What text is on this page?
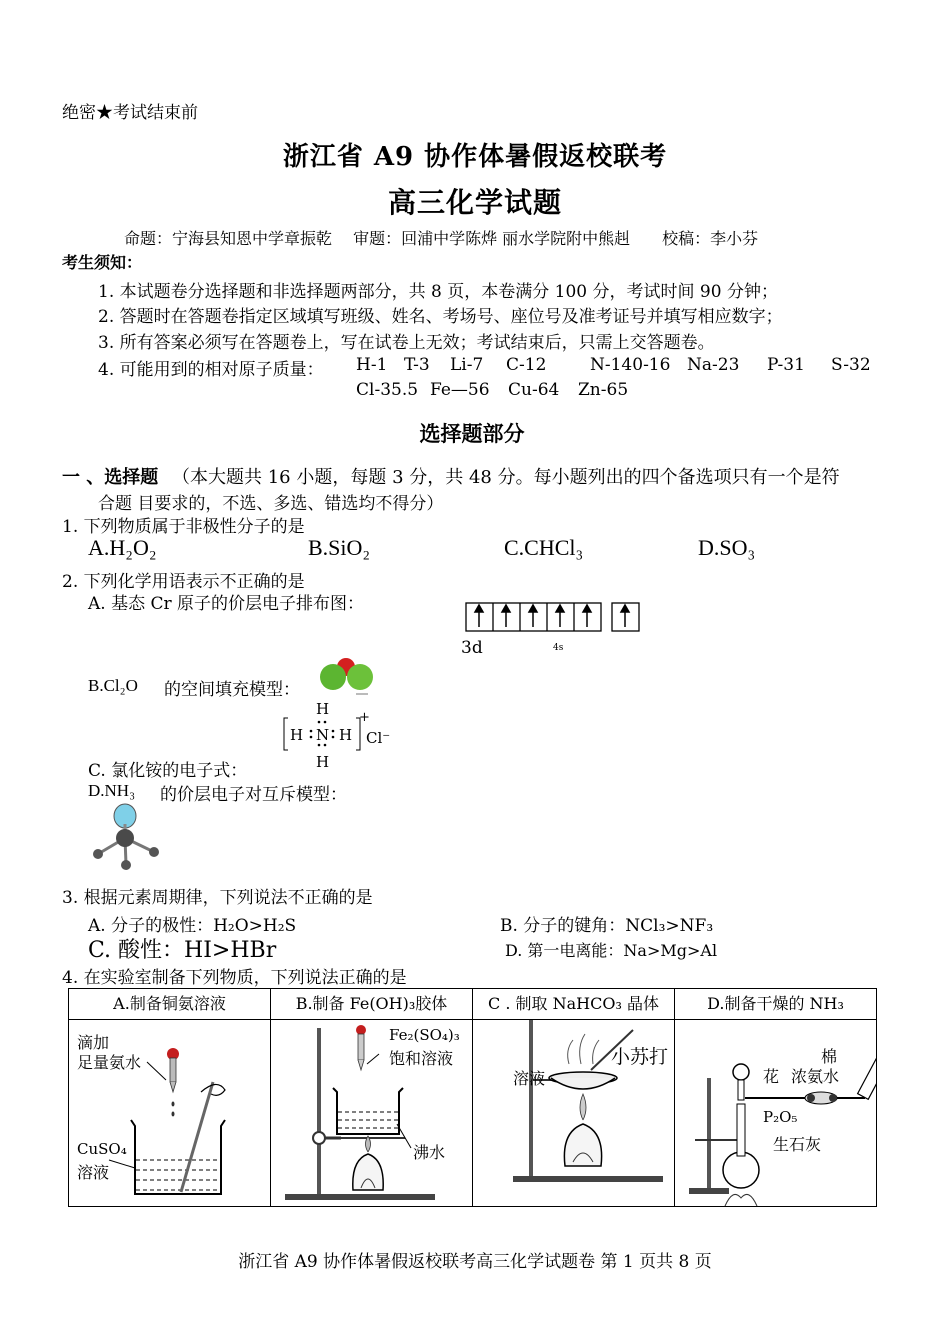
绝密★考试结束前
浙江省 A9 协作体暑假返校联考
高三化学试题
命题：宁海县知恩中学章振乾　 审题：回浦中学陈烨 丽水学院附中熊赳　　校稿：李小芬
考生须知：
1. 本试题卷分选择题和非选择题两部分，共 8 页，本卷满分 100 分，考试时间 90 分钟；
2. 答题时在答题卷指定区域填写班级、姓名、考场号、座位号及准考证号并填写相应数字；
3. 所有答案必须写在答题卷上，写在试卷上无效；考试结束后，只需上交答题卷。
4. 可能用到的相对原子质量： H-1 T-3 Li-7 C-12	N-140-16 Na-23 P-31 S-32
Cl-35.5 Fe—56 Cu-64 Zn-65
选择题部分
一 、选择题 （本大题共 16 小题，每题 3 分，共 48 分。每小题列出的四个备选项只有一个是符
合题 目要求的，不选、多选、错选均不得分）
1. 下列物质属于非极性分子的是
A.H₂O₂	B.SiO₂	C.CHCl₃	D.SO₃
2. 下列化学用语表示不正确的是
A. 基态 Cr 原子的价层电子排布图：
3d	4s
B.Cl₂O 的空间填充模型：
H
H N H
H
+
Cl⁻
C. 氯化铵的电子式：
D.NH₃ 的价层电子对互斥模型：
3. 根据元素周期律，下列说法不正确的是
A. 分子的极性：H₂O>H₂S	B. 分子的键角：NCl₃>NF₃
C. 酸性：HI>HBr	D. 第一电离能：Na>Mg>Al
4. 在实验室制备下列物质，下列说法正确的是
A.制备铜氨溶液	B.制备 Fe(OH)₃胶体	C . 制取 NaHCO₃ 晶体	D.制备干燥的 NH₃

滴加
足量氨水
CuSO₄
溶液	Fe₂(SO₄)₃
饱和溶液
沸水	溶液
小苏打	棉
花 浓氨水
P₂O₅
生石灰
浙江省 A9 协作体暑假返校联考高三化学试题卷 第 1 页共 8 页
